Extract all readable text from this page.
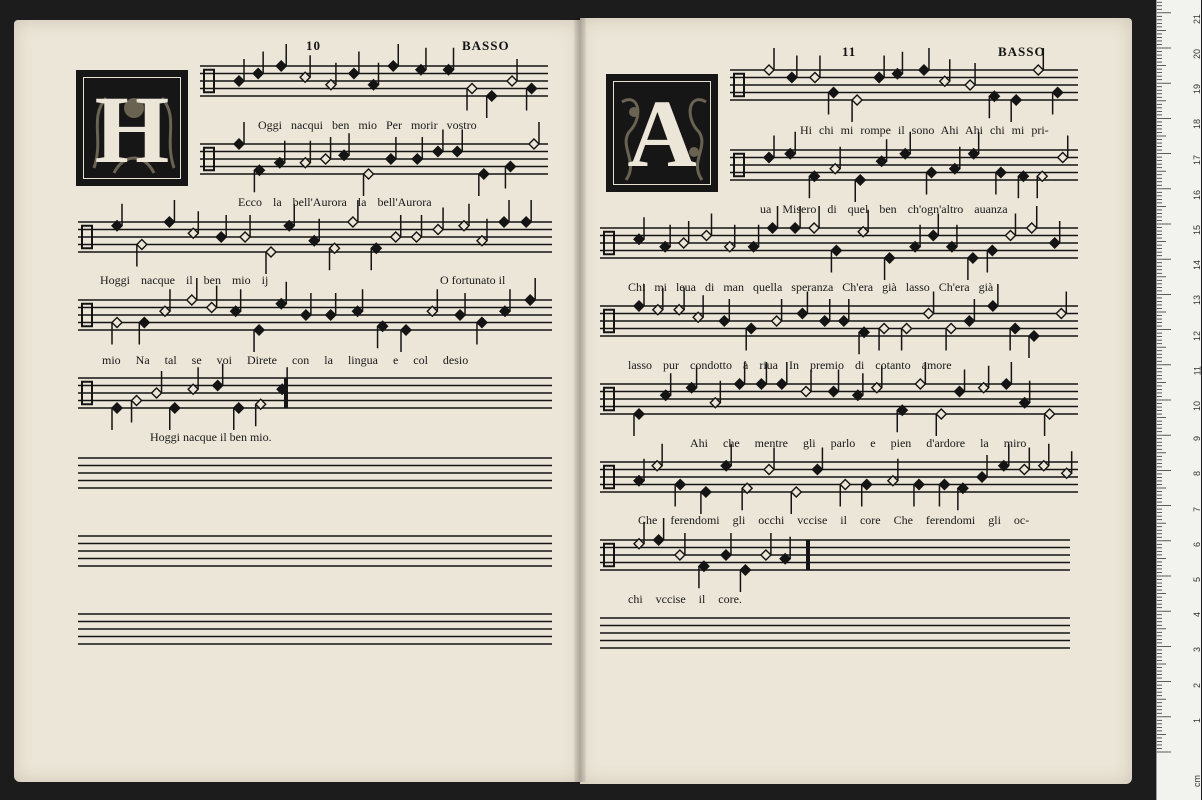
10	BASSO	11	BASSO
H	A
Oggi nacqui ben mio Per morir vostro
Ecco la bell'Aurora la bell'Aurora
Hoggi nacque il ben mio ij	O fortunato il
mio Na tal se voi Direte con la lingua e col desio
Hoggi nacque il ben mio.
Hi chi mi rompe il sono Ahi Ahi chi mi pri-
ua Misero di quel ben ch'ogn'altro auanza
Chi mi leua di man quella speranza Ch'era già lasso Ch'era già
lasso pur condotto à riua In premio di cotanto amore
Ahi che mentre gli parlo e pien d'ardore la miro
Che ferendomi gli occhi vccise il core Che ferendomi gli oc-
chi vccise il core.
1
2
3
4
5
6
7
8
9
10
11
12
13
14
15
16
17
18
19
20
21
cm
